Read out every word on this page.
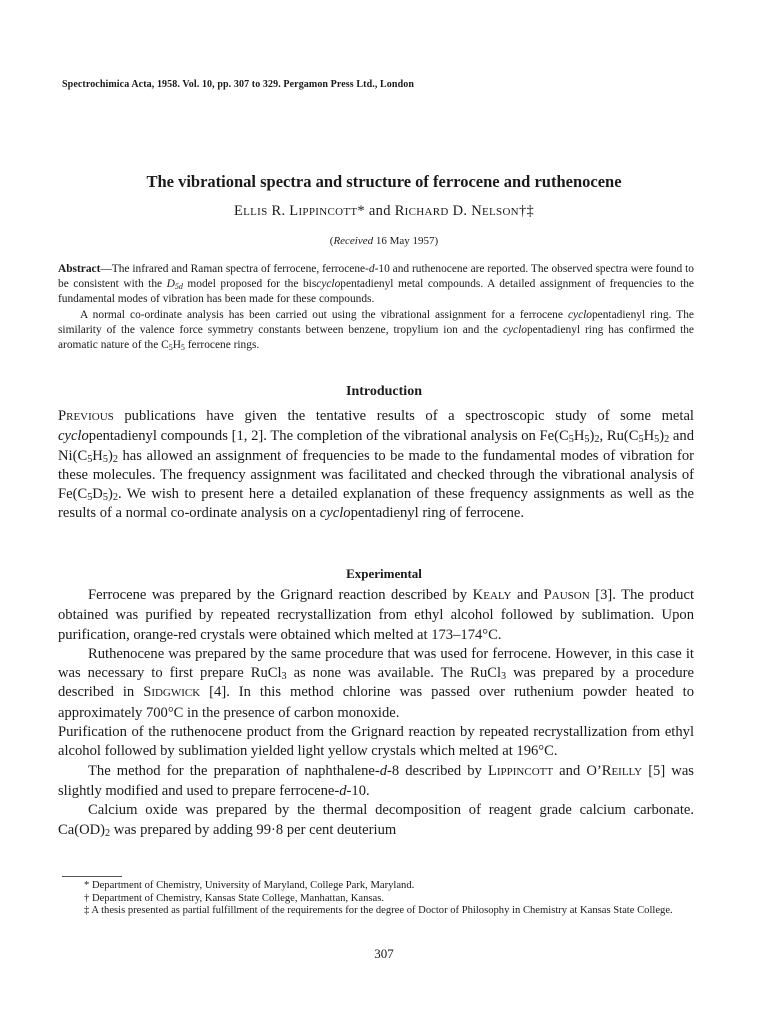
Spectrochimica Acta, 1958. Vol. 10, pp. 307 to 329. Pergamon Press Ltd., London
The vibrational spectra and structure of ferrocene and ruthenocene
ELLIS R. LIPPINCOTT* and RICHARD D. NELSON†‡
(Received 16 May 1957)

Abstract—The infrared and Raman spectra of ferrocene, ferrocene-d-10 and ruthenocene are reported. The observed spectra were found to be consistent with the $D_{5d}$ model proposed for the biscyclopentadienyl metal compounds. A detailed assignment of frequencies to the fundamental modes of vibration has been made for these compounds.

A normal co-ordinate analysis has been carried out using the vibrational assignment for a ferrocene cyclopentadienyl ring. The similarity of the valence force symmetry constants between benzene, tropylium ion and the cyclopentadienyl ring has confirmed the aromatic nature of the $C_5H_5$ ferrocene rings.

Introduction

PREVIOUS publications have given the tentative results of a spectroscopic study of some metal cyclopentadienyl compounds [1, 2]. The completion of the vibrational analysis on $Fe(C_5H_5)_2$, $Ru(C_5H_5)_2$ and $Ni(C_5H_5)_2$ has allowed an assignment of frequencies to be made to the fundamental modes of vibration for these molecules. The frequency assignment was facilitated and checked through the vibrational analysis of $Fe(C_5D_5)_2$. We wish to present here a detailed explanation of these frequency assignments as well as the results of a normal co-ordinate analysis on a cyclopentadienyl ring of ferrocene.

Experimental

Ferrocene was prepared by the Grignard reaction described by KEALY and PAUSON [3]. The product obtained was purified by repeated recrystallization from ethyl alcohol followed by sublimation. Upon purification, orange-red crystals were obtained which melted at 173–174°C.

Ruthenocene was prepared by the same procedure that was used for ferrocene. However, in this case it was necessary to first prepare RuCl$_3$ as none was available. The RuCl$_3$ was prepared by a procedure described in SIDGWICK [4]. In this method chlorine was passed over ruthenium powder heated to approximately 700°C in the presence of carbon monoxide.

Purification of the ruthenocene product from the Grignard reaction by repeated recrystallization from ethyl alcohol followed by sublimation yielded light yellow crystals which melted at 196°C.

The method for the preparation of naphthalene-d-8 described by LIPPINCOTT and O’REILLY [5] was slightly modified and used to prepare ferrocene-d-10.

Calcium oxide was prepared by the thermal decomposition of reagent grade calcium carbonate. $Ca(OD)_2$ was prepared by adding 99·8 per cent deuterium

* Department of Chemistry, University of Maryland, College Park, Maryland.

† Department of Chemistry, Kansas State College, Manhattan, Kansas.

‡ A thesis presented as partial fulfillment of the requirements for the degree of Doctor of Philosophy in Chemistry at Kansas State College.

307
